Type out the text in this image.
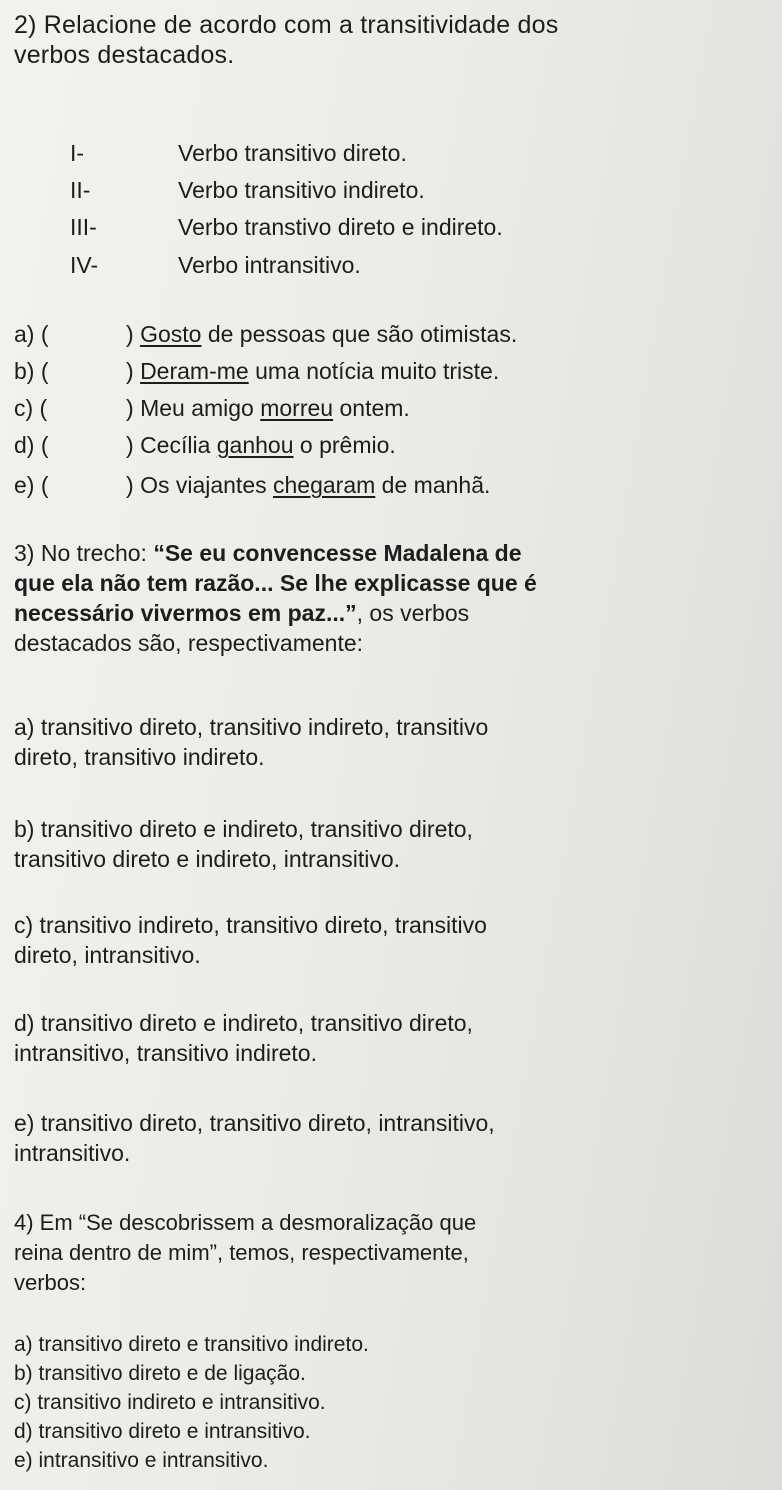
2) Relacione de acordo com a transitividade dos
verbos destacados.
I-	Verbo transitivo direto.
II-	Verbo transitivo indireto.
III-	Verbo transtivo direto e indireto.
IV-	Verbo intransitivo.
a) (	) Gosto de pessoas que são otimistas.
b) (	) Deram-me uma notícia muito triste.
c) (	) Meu amigo morreu ontem.
d) (	) Cecília ganhou o prêmio.
e) (	) Os viajantes chegaram de manhã.
3) No trecho: “Se eu convencesse Madalena de
que ela não tem razão... Se lhe explicasse que é
necessário vivermos em paz...”, os verbos
destacados são, respectivamente:
a) transitivo direto, transitivo indireto, transitivo
direto, transitivo indireto.
b) transitivo direto e indireto, transitivo direto,
transitivo direto e indireto, intransitivo.
c) transitivo indireto, transitivo direto, transitivo
direto, intransitivo.
d) transitivo direto e indireto, transitivo direto,
intransitivo, transitivo indireto.
e) transitivo direto, transitivo direto, intransitivo,
intransitivo.
4) Em “Se descobrissem a desmoralização que
reina dentro de mim”, temos, respectivamente,
verbos:
a) transitivo direto e transitivo indireto.
b) transitivo direto e de ligação.
c) transitivo indireto e intransitivo.
d) transitivo direto e intransitivo.
e) intransitivo e intransitivo.
